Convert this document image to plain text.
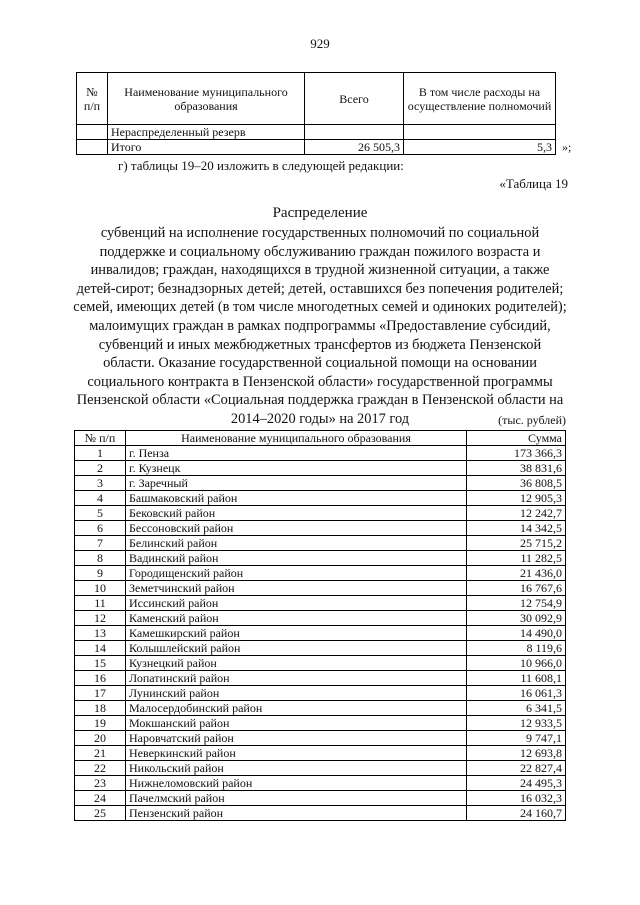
929
№ п/п	Наименование муниципального образования	Всего	В том числе расходы на осуществление полномочий
	Нераспределенный резерв		
	Итого	26 505,3	5,3 »;
г) таблицы 19–20 изложить в следующей редакции:
«Таблица 19
Распределение
субвенций на исполнение государственных полномочий по социальной поддержке и социальному обслуживанию граждан пожилого возраста и инвалидов; граждан, находящихся в трудной жизненной ситуации, а также детей-сирот; безнадзорных детей; детей, оставшихся без попечения родителей; семей, имеющих детей (в том числе многодетных семей и одиноких родителей); малоимущих граждан в рамках подпрограммы «Предоставление субсидий, субвенций и иных межбюджетных трансфертов из бюджета Пензенской области. Оказание государственной социальной помощи на основании социального контракта в Пензенской области» государственной программы Пензенской области «Социальная поддержка граждан в Пензенской области на 2014–2020 годы» на 2017 год	(тыс. рублей)
№ п/п	Наименование муниципального образования	Сумма
1	г. Пенза	173 366,3
2	г. Кузнецк	38 831,6
3	г. Заречный	36 808,5
4	Башмаковский район	12 905,3
5	Бековский район	12 242,7
6	Бессоновский район	14 342,5
7	Белинский район	25 715,2
8	Вадинский район	11 282,5
9	Городищенский район	21 436,0
10	Земетчинский район	16 767,6
11	Иссинский район	12 754,9
12	Каменский район	30 092,9
13	Камешкирский район	14 490,0
14	Колышлейский район	8 119,6
15	Кузнецкий район	10 966,0
16	Лопатинский район	11 608,1
17	Лунинский район	16 061,3
18	Малосердобинский район	6 341,5
19	Мокшанский район	12 933,5
20	Наровчатский район	9 747,1
21	Неверкинский район	12 693,8
22	Никольский район	22 827,4
23	Нижнеломовский район	24 495,3
24	Пачелмский район	16 032,3
25	Пензенский район	24 160,7
